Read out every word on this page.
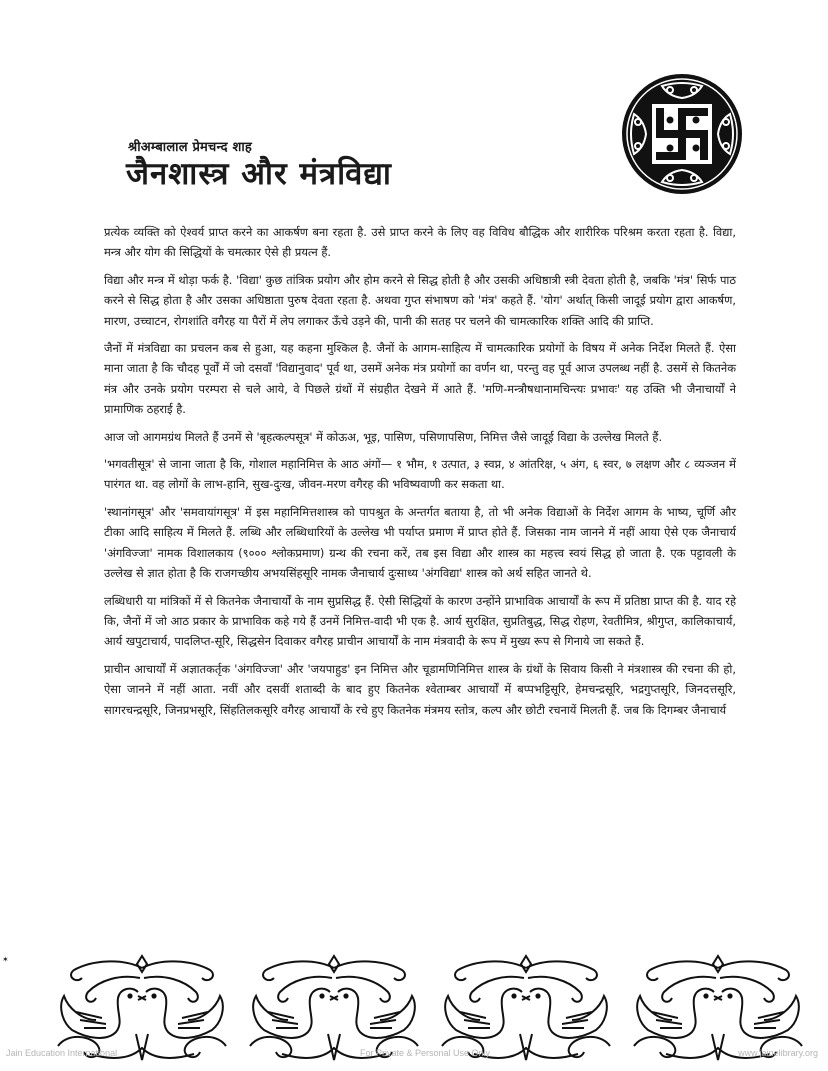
श्रीअम्बालाल प्रेमचन्द शाह
जैनशास्त्र और मंत्रविद्या

प्रत्येक व्यक्ति को ऐश्वर्य प्राप्त करने का आकर्षण बना रहता है. उसे प्राप्त करने के लिए वह विविध बौद्धिक और शारीरिक परिश्रम करता रहता है. विद्या, मन्त्र और योग की सिद्धियों के चमत्कार ऐसे ही प्रयत्न हैं.

विद्या और मन्त्र में थोड़ा फर्क है. 'विद्या' कुछ तांत्रिक प्रयोग और होम करने से सिद्ध होती है और उसकी अधिष्ठात्री स्त्री देवता होती है, जबकि 'मंत्र' सिर्फ पाठ करने से सिद्ध होता है और उसका अधिष्ठाता पुरुष देवता रहता है. अथवा गुप्त संभाषण को 'मंत्र' कहते हैं. 'योग' अर्थात् किसी जादूई प्रयोग द्वारा आकर्षण, मारण, उच्चाटन, रोगशांति वगैरह या पैरों में लेप लगाकर ऊँचे उड़ने की, पानी की सतह पर चलने की चामत्कारिक शक्ति आदि की प्राप्ति.

जैनों में मंत्रविद्या का प्रचलन कब से हुआ, यह कहना मुश्किल है. जैनों के आगम-साहित्य में चामत्कारिक प्रयोगों के विषय में अनेक निर्देश मिलते हैं. ऐसा माना जाता है कि चौदह पूर्वों में जो दसवाँ 'विद्यानुवाद' पूर्व था, उसमें अनेक मंत्र प्रयोगों का वर्णन था, परन्तु वह पूर्व आज उपलब्ध नहीं है. उसमें से कितनेक मंत्र और उनके प्रयोग परम्परा से चले आये, वे पिछले ग्रंथों में संग्रहीत देखने में आते हैं. 'मणि-मन्त्रौषधानामचिन्त्यः प्रभावः' यह उक्ति भी जैनाचार्यों ने प्रामाणिक ठहराई है.

आज जो आगमग्रंथ मिलते हैं उनमें से 'बृहत्कल्पसूत्र' में कोऊअ, भूइ, पासिण, पसिणापसिण, निमित्त जैसे जादूई विद्या के उल्लेख मिलते हैं.

'भगवतीसूत्र' से जाना जाता है कि, गोशाल महानिमित्त के आठ अंगों— १ भौम, १ उत्पात, ३ स्वप्न, ४ आंतरिक्ष, ५ अंग, ६ स्वर, ७ लक्षण और ८ व्यञ्जन में पारंगत था. वह लोगों के लाभ-हानि, सुख-दुःख, जीवन-मरण वगैरह की भविष्यवाणी कर सकता था.

'स्थानांगसूत्र' और 'समवायांगसूत्र' में इस महानिमित्तशास्त्र को पापश्रुत के अन्तर्गत बताया है, तो भी अनेक विद्याओं के निर्देश आगम के भाष्य, चूर्णि और टीका आदि साहित्य में मिलते हैं. लब्धि और लब्धिधारियों के उल्लेख भी पर्याप्त प्रमाण में प्राप्त होते हैं. जिसका नाम जानने में नहीं आया ऐसे एक जैनाचार्य 'अंगविज्जा' नामक विशालकाय (९००० श्लोकप्रमाण) ग्रन्थ की रचना करें, तब इस विद्या और शास्त्र का महत्त्व स्वयं सिद्ध हो जाता है. एक पट्टावली के उल्लेख से ज्ञात होता है कि राजगच्छीय अभयसिंहसूरि नामक जैनाचार्य दुःसाध्य 'अंगविद्या' शास्त्र को अर्थ सहित जानते थे.

लब्धिधारी या मांत्रिकों में से कितनेक जैनाचार्यों के नाम सुप्रसिद्ध हैं. ऐसी सिद्धियों के कारण उन्होंने प्राभाविक आचार्यों के रूप में प्रतिष्ठा प्राप्त की है. याद रहे कि, जैनों में जो आठ प्रकार के प्राभाविक कहे गये हैं उनमें निमित्त-वादी भी एक है. आर्य सुरक्षित, सुप्रतिबुद्ध, सिद्ध रोहण, रेवतीमित्र, श्रीगुप्त, कालिकाचार्य, आर्य खपुटाचार्य, पादलिप्त-सूरि, सिद्धसेन दिवाकर वगैरह प्राचीन आचार्यों के नाम मंत्रवादी के रूप में मुख्य रूप से गिनाये जा सकते हैं.

प्राचीन आचार्यों में अज्ञातकर्तृक 'अंगविज्जा' और 'जयपाहुड' इन निमित्त और चूडामणिनिमित्त शास्त्र के ग्रंथों के सिवाय किसी ने मंत्रशास्त्र की रचना की हो, ऐसा जानने में नहीं आता. नवीं और दसवीं शताब्दी के बाद हुए कितनेक श्वेताम्बर आचार्यों में बप्पभट्टिसूरि, हेमचन्द्रसूरि, भद्रगुप्तसूरि, जिनदत्तसूरि, सागरचन्द्रसूरि, जिनप्रभसूरि, सिंहतिलकसूरि वगैरह आचार्यों के रचे हुए कितनेक मंत्रमय स्तोत्र, कल्प और छोटी रचनायें मिलती हैं. जब कि दिगम्बर जैनाचार्य

✶
Jain Education International	For Private & Personal Use Only	www.jainelibrary.org
